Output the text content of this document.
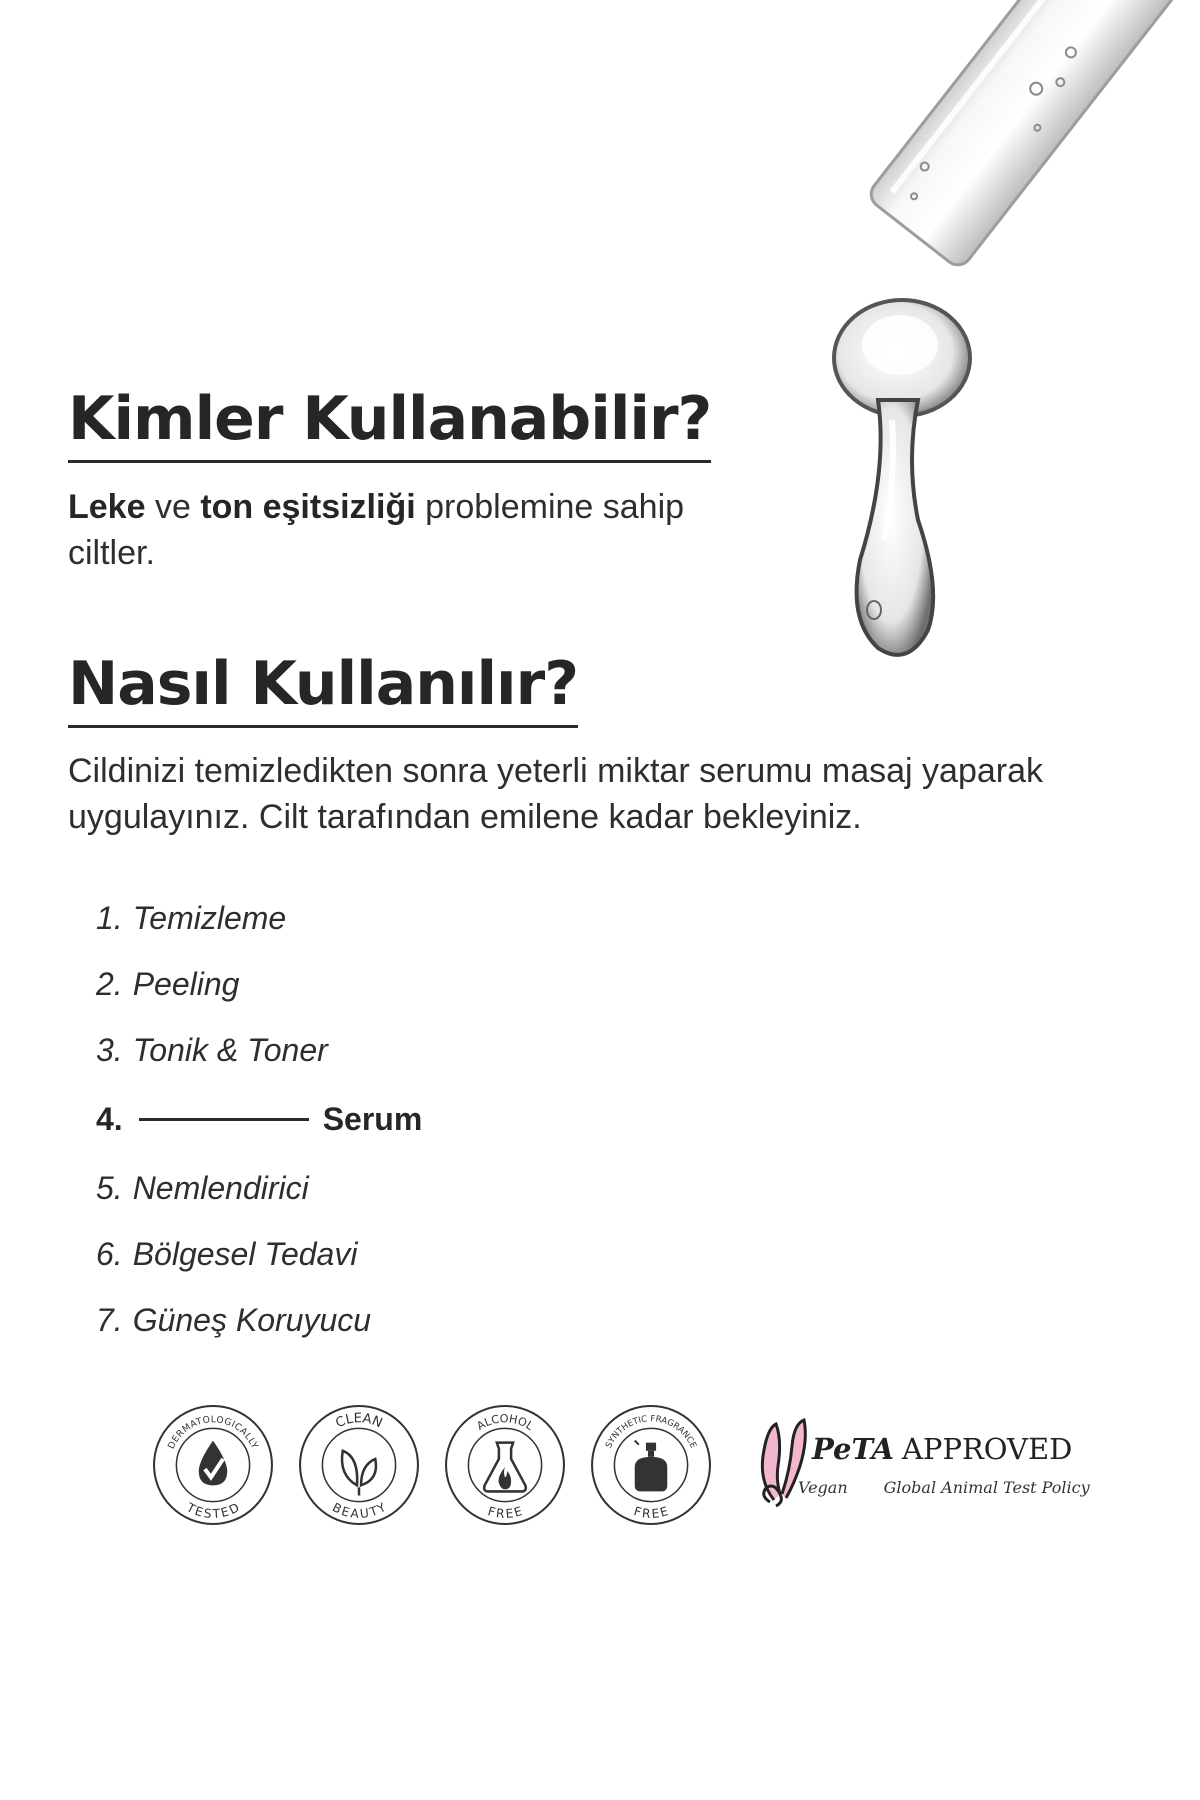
Kimler Kullanabilir?

Leke ve ton eşitsizliği problemine sahip ciltler.

Nasıl Kullanılır?

Cildinizi temizledikten sonra yeterli miktar serumu masaj yaparak uygulayınız. Cilt tarafından emilene kadar bekleyiniz.

1. Temizleme
2. Peeling
3. Tonik & Toner
4.	Serum
5. Nemlendirici
6. Bölgesel Tedavi
7. Güneş Koruyucu
DERMATOLOGICALLY
TESTED
CLEAN
BEAUTY
ALCOHOL
FREE
SYNTHETIC FRAGRANCE
FREE
PeTA APPROVED
Vegan Global Animal Test Policy
